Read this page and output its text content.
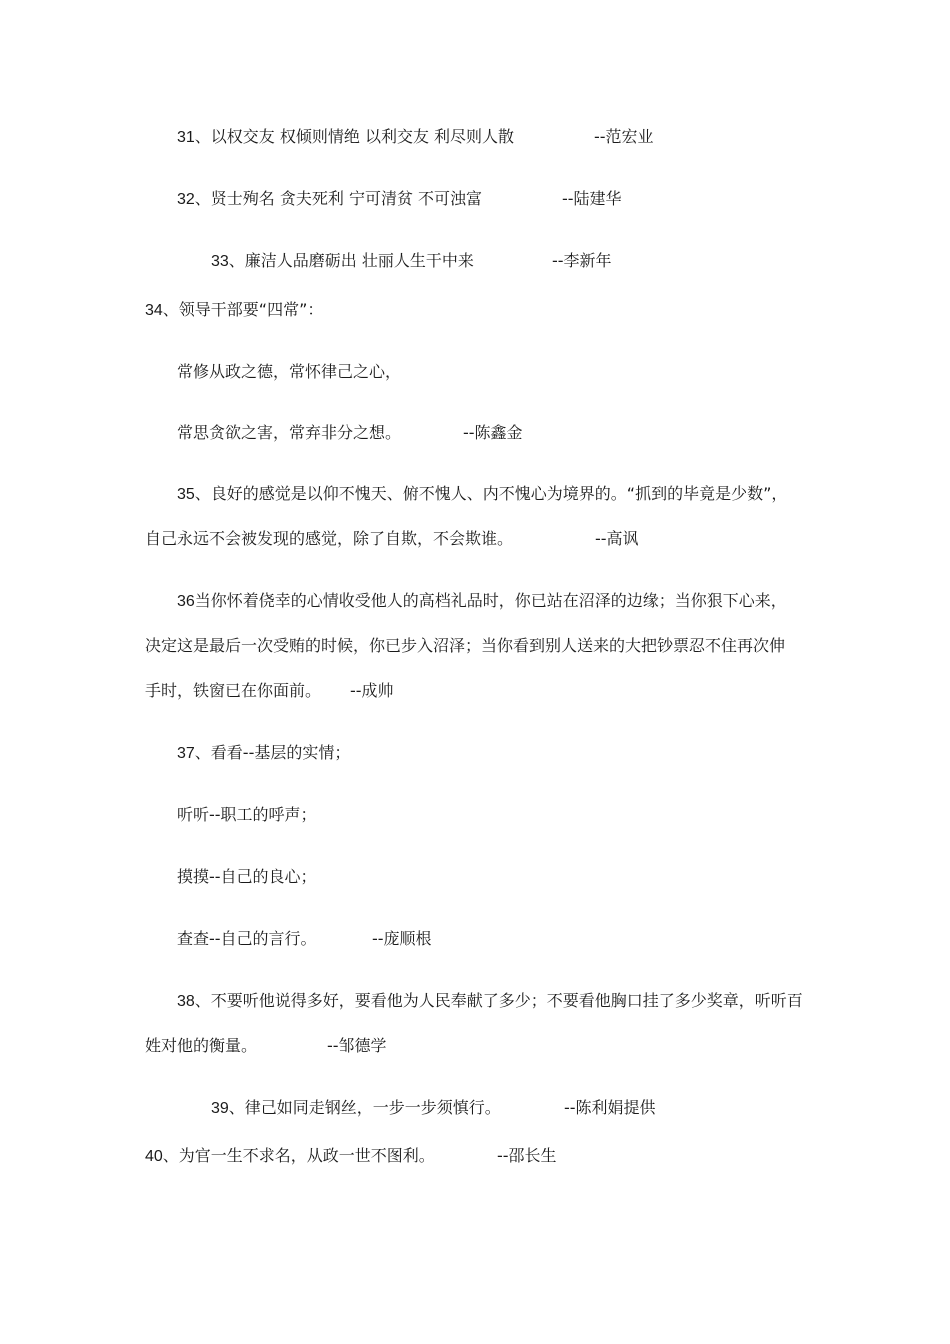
31、以权交友 权倾则情绝 以利交友 利尽则人散	--范宏业
32、贤士殉名 贪夫死利 宁可清贫 不可浊富	--陆建华
33、廉洁人品磨砺出 壮丽人生干中来	--李新年
34、领导干部要“四常”：
常修从政之德，常怀律己之心，
常思贪欲之害，常弃非分之想。	--陈鑫金
35、良好的感觉是以仰不愧天、俯不愧人、内不愧心为境界的。“抓到的毕竟是少数”，
自己永远不会被发现的感觉，除了自欺，不会欺谁。	--高讽
36当你怀着侥幸的心情收受他人的高档礼品时，你已站在沼泽的边缘；当你狠下心来，
决定这是最后一次受贿的时候，你已步入沼泽；当你看到别人送来的大把钞票忍不住再次伸
手时，铁窗已在你面前。 --成帅
37、看看--基层的实情；
听听--职工的呼声；
摸摸--自己的良心；
查查--自己的言行。	--庞顺根
38、不要听他说得多好，要看他为人民奉献了多少；不要看他胸口挂了多少奖章，听听百
姓对他的衡量。	--邹德学
39、律己如同走钢丝，一步一步须慎行。	--陈利娟提供
40、为官一生不求名，从政一世不图利。	--邵长生
